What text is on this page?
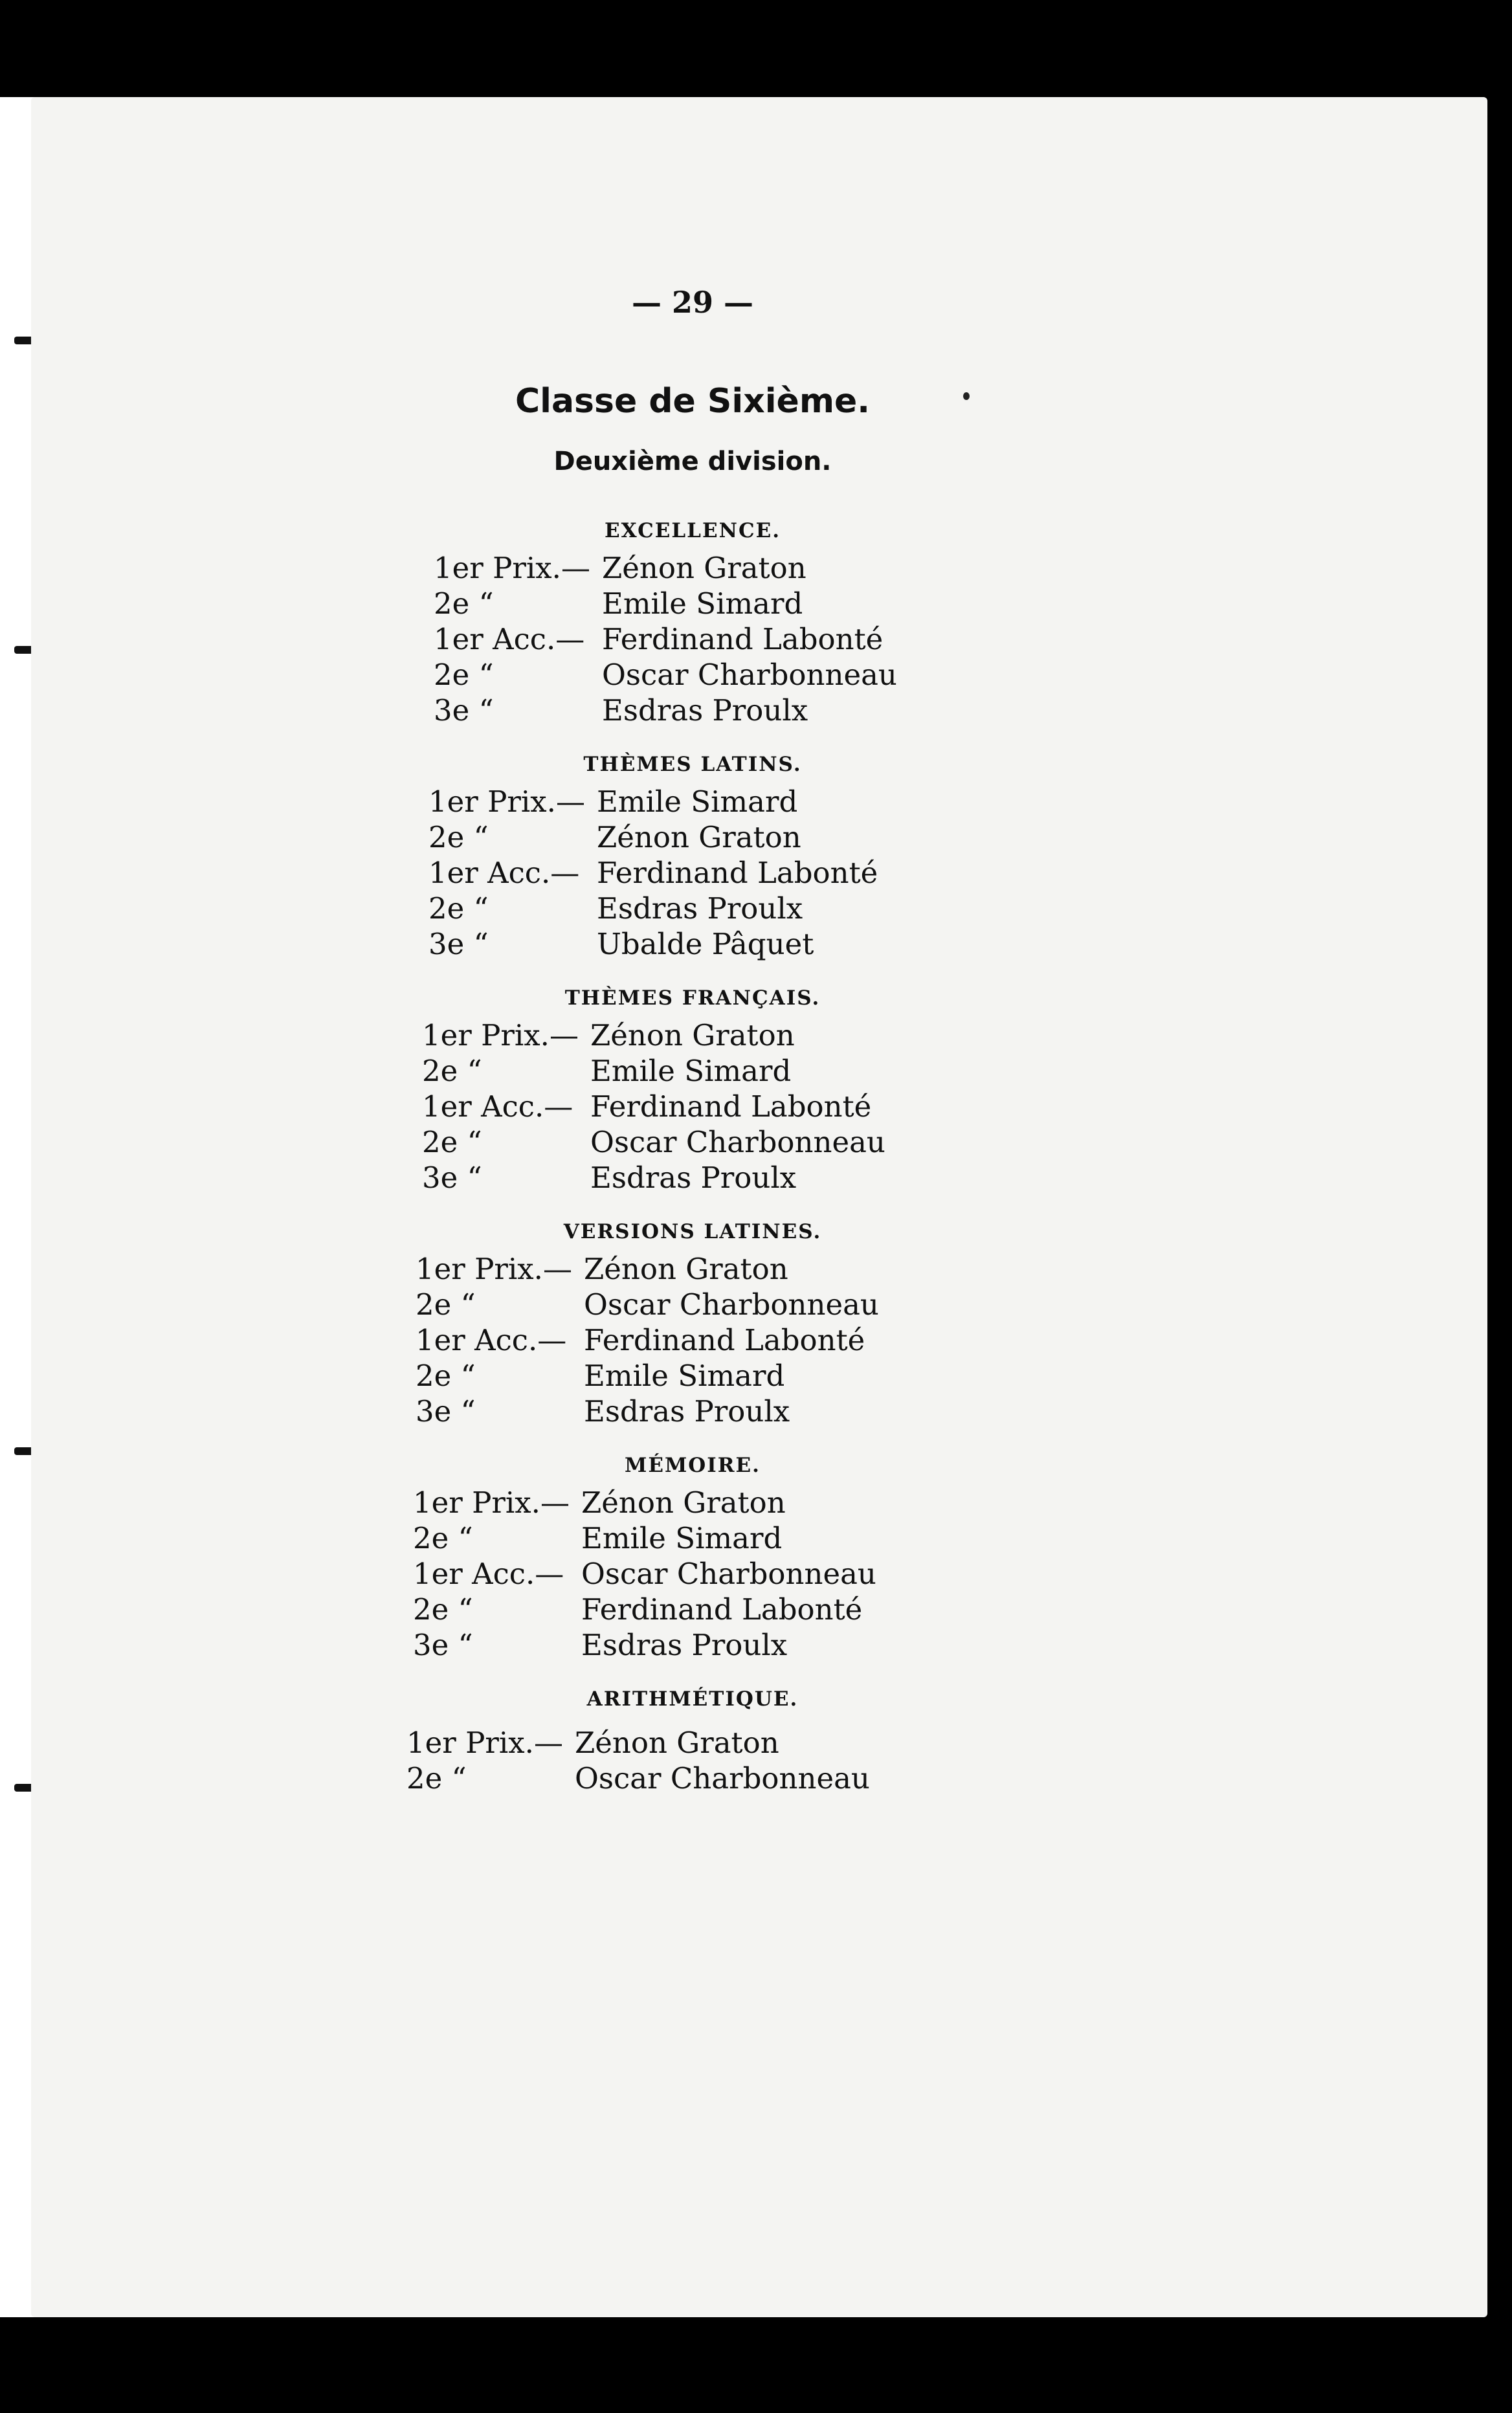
— 29 —
Classe de Sixième.
Deuxième division.
EXCELLENCE.
1er Prix.— Zénon Graton
2e “	Emile Simard
1er Acc.— Ferdinand Labonté
2e “	Oscar Charbonneau
3e “	Esdras Proulx
THÈMES LATINS.
1er Prix.— Emile Simard
2e “	Zénon Graton
1er Acc.— Ferdinand Labonté
2e “	Esdras Proulx
3e “	Ubalde Pâquet
THÈMES FRANÇAIS.
1er Prix.— Zénon Graton
2e “	Emile Simard
1er Acc.— Ferdinand Labonté
2e “	Oscar Charbonneau
3e “	Esdras Proulx
VERSIONS LATINES.
1er Prix.— Zénon Graton
2e “	Oscar Charbonneau
1er Acc.— Ferdinand Labonté
2e “	Emile Simard
3e “	Esdras Proulx
MÉMOIRE.
1er Prix.— Zénon Graton
2e “	Emile Simard
1er Acc.— Oscar Charbonneau
2e “	Ferdinand Labonté
3e “	Esdras Proulx
ARITHMÉTIQUE.
1er Prix.— Zénon Graton
2e “	Oscar Charbonneau
